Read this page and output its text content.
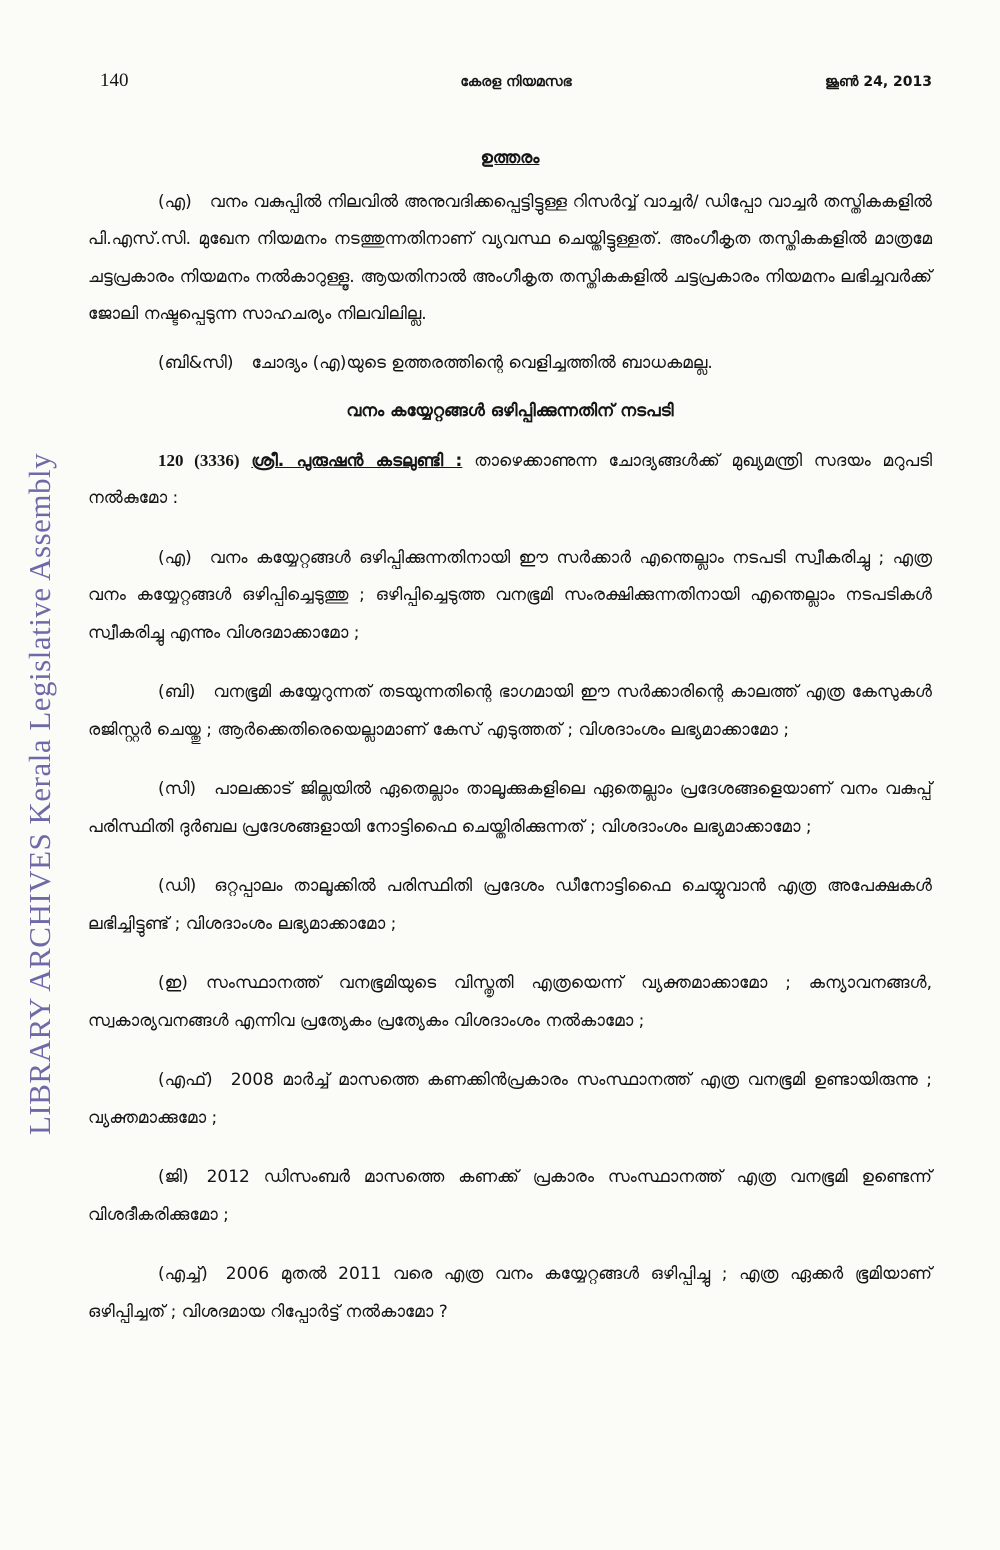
LIBRARY ARCHIVES Kerala Legislative Assembly
140	കേരള നിയമസഭ	ജൂൺ 24, 2013

ഉത്തരം

(എ) വനം വകുപ്പിൽ നിലവിൽ അനുവദിക്കപ്പെട്ടിട്ടുള്ള റിസർവ്വ് വാച്ചർ/ ഡിപ്പോ വാച്ചർ തസ്തികകളിൽ പി.എസ്.സി. മുഖേന നിയമനം നടത്തുന്നതിനാണ് വ്യവസ്ഥ ചെയ്തിട്ടുള്ളത്. അംഗീകൃത തസ്തികകളിൽ മാത്രമേ ചട്ടപ്രകാരം നിയമനം നൽകാറുള്ളൂ. ആയതിനാൽ അംഗീകൃത തസ്തികകളിൽ ചട്ടപ്രകാരം നിയമനം ലഭിച്ചവർക്ക് ജോലി നഷ്ടപ്പെടുന്ന സാഹചര്യം നിലവിലില്ല.

(ബി&സി) ചോദ്യം (എ)യുടെ ഉത്തരത്തിന്റെ വെളിച്ചത്തിൽ ബാധകമല്ല.

വനം കയ്യേറ്റങ്ങൾ ഒഴിപ്പിക്കുന്നതിന് നടപടി

120 (3336) ശ്രീ. പുരുഷൻ കടലുണ്ടി : താഴെക്കാണുന്ന ചോദ്യങ്ങൾക്ക് മുഖ്യമന്ത്രി സദയം മറുപടി നൽകുമോ :

(എ) വനം കയ്യേറ്റങ്ങൾ ഒഴിപ്പിക്കുന്നതിനായി ഈ സർക്കാർ എന്തെല്ലാം നടപടി സ്വീകരിച്ചു ; എത്ര വനം കയ്യേറ്റങ്ങൾ ഒഴിപ്പിച്ചെടുത്തു ; ഒഴിപ്പിച്ചെടുത്ത വനഭൂമി സംരക്ഷിക്കുന്നതിനായി എന്തെല്ലാം നടപടികൾ സ്വീകരിച്ചു എന്നും വിശദമാക്കാമോ ;

(ബി) വനഭൂമി കയ്യേറുന്നത് തടയുന്നതിന്റെ ഭാഗമായി ഈ സർക്കാരിന്റെ കാലത്ത് എത്ര കേസുകൾ രജിസ്റ്റർ ചെയ്തു ; ആർക്കെതിരെയെല്ലാമാണ് കേസ് എടുത്തത് ; വിശദാംശം ലഭ്യമാക്കാമോ ;

(സി) പാലക്കാട് ജില്ലയിൽ ഏതെല്ലാം താലൂക്കുകളിലെ ഏതെല്ലാം പ്രദേശങ്ങളെയാണ് വനം വകുപ്പ് പരിസ്ഥിതി ദുർബല പ്രദേശങ്ങളായി നോട്ടിഫൈ ചെയ്തിരിക്കുന്നത് ; വിശദാംശം ലഭ്യമാക്കാമോ ;

(ഡി) ഒറ്റപ്പാലം താലൂക്കിൽ പരിസ്ഥിതി പ്രദേശം ഡീനോട്ടിഫൈ ചെയ്യുവാൻ എത്ര അപേക്ഷകൾ ലഭിച്ചിട്ടുണ്ട് ; വിശദാംശം ലഭ്യമാക്കാമോ ;

(ഇ) സംസ്ഥാനത്ത് വനഭൂമിയുടെ വിസ്തൃതി എത്രയെന്ന് വ്യക്തമാക്കാമോ ; കന്യാവനങ്ങൾ, സ്വകാര്യവനങ്ങൾ എന്നിവ പ്രത്യേകം പ്രത്യേകം വിശദാംശം നൽകാമോ ;

(എഫ്) 2008 മാർച്ച് മാസത്തെ കണക്കിൻപ്രകാരം സംസ്ഥാനത്ത് എത്ര വനഭൂമി ഉണ്ടായിരുന്നു ; വ്യക്തമാക്കുമോ ;

(ജി) 2012 ഡിസംബർ മാസത്തെ കണക്ക് പ്രകാരം സംസ്ഥാനത്ത് എത്ര വനഭൂമി ഉണ്ടെന്ന് വിശദീകരിക്കുമോ ;

(എച്ച്) 2006 മുതൽ 2011 വരെ എത്ര വനം കയ്യേറ്റങ്ങൾ ഒഴിപ്പിച്ചു ; എത്ര ഏക്കർ ഭൂമിയാണ് ഒഴിപ്പിച്ചത് ; വിശദമായ റിപ്പോർട്ട് നൽകാമോ ?
